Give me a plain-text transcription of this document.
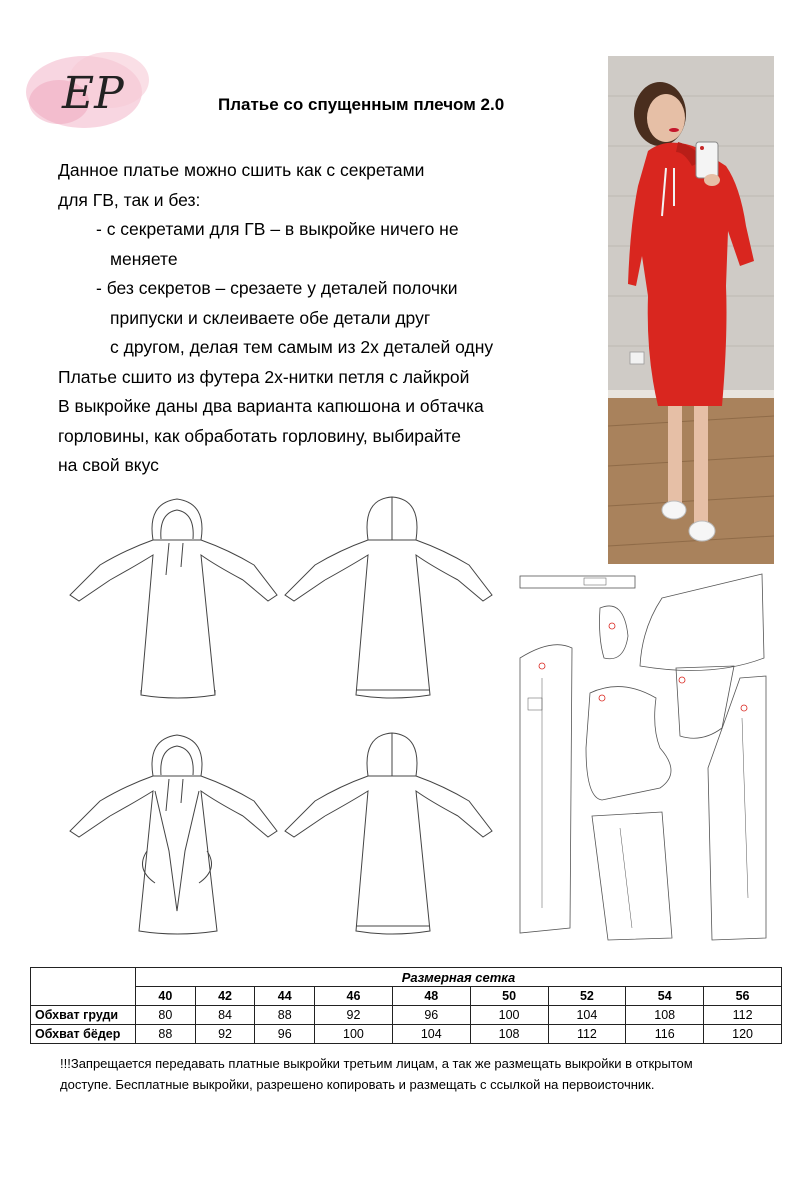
ЕР	Платье со спущенным плечом 2.0
Данное платье можно сшить как с секретами
для ГВ, так и без:
- с секретами для ГВ – в выкройке ничего не
меняете
- без секретов – срезаете у деталей полочки
припуски и склеиваете обе детали друг
с другом, делая тем самым из 2х деталей одну
Платье сшито из футера 2х-нитки петля с лайкрой
В выкройке даны два варианта капюшона и обтачка
горловины, как обработать горловину, выбирайте
на свой вкус
	Размерная сетка								
	40	42	44	46	48	50	52	54	56
Обхват груди	80	84	88	92	96	100	104	108	112
Обхват бёдер	88	92	96	100	104	108	112	116	120
!!!Запрещается передавать платные выкройки третьим лицам, а так же размещать выкройки в открытом доступе. Бесплатные выкройки, разрешено копировать и размещать с ссылкой на первоисточник.
